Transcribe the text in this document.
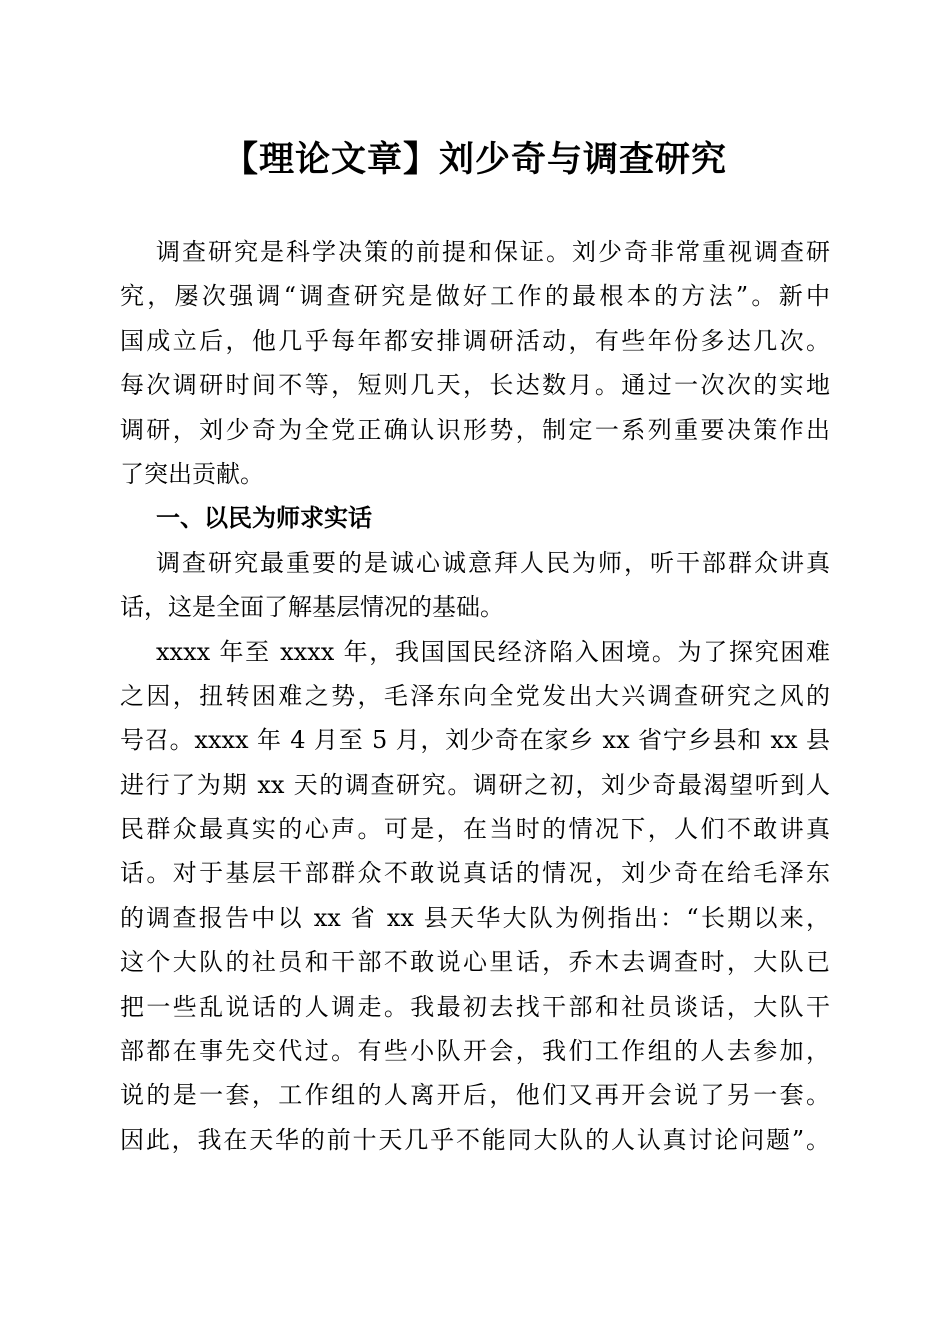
【理论文章】刘少奇与调查研究
调查研究是科学决策的前提和保证。刘少奇非常重视调查研
究，屡次强调“调查研究是做好工作的最根本的方法”。新中
国成立后，他几乎每年都安排调研活动，有些年份多达几次。
每次调研时间不等，短则几天，长达数月。通过一次次的实地
调研，刘少奇为全党正确认识形势，制定一系列重要决策作出
了突出贡献。
一、以民为师求实话
调查研究最重要的是诚心诚意拜人民为师，听干部群众讲真
话，这是全面了解基层情况的基础。
xxxx 年至 xxxx 年，我国国民经济陷入困境。为了探究困难
之因，扭转困难之势，毛泽东向全党发出大兴调查研究之风的
号召。xxxx 年 4 月至 5 月，刘少奇在家乡 xx 省宁乡县和 xx 县
进行了为期 xx 天的调查研究。调研之初，刘少奇最渴望听到人
民群众最真实的心声。可是，在当时的情况下，人们不敢讲真
话。对于基层干部群众不敢说真话的情况，刘少奇在给毛泽东
的调查报告中以 xx 省 xx 县天华大队为例指出：“长期以来，
这个大队的社员和干部不敢说心里话，乔木去调查时，大队已
把一些乱说话的人调走。我最初去找干部和社员谈话，大队干
部都在事先交代过。有些小队开会，我们工作组的人去参加，
说的是一套，工作组的人离开后，他们又再开会说了另一套。
因此，我在天华的前十天几乎不能同大队的人认真讨论问题”。
